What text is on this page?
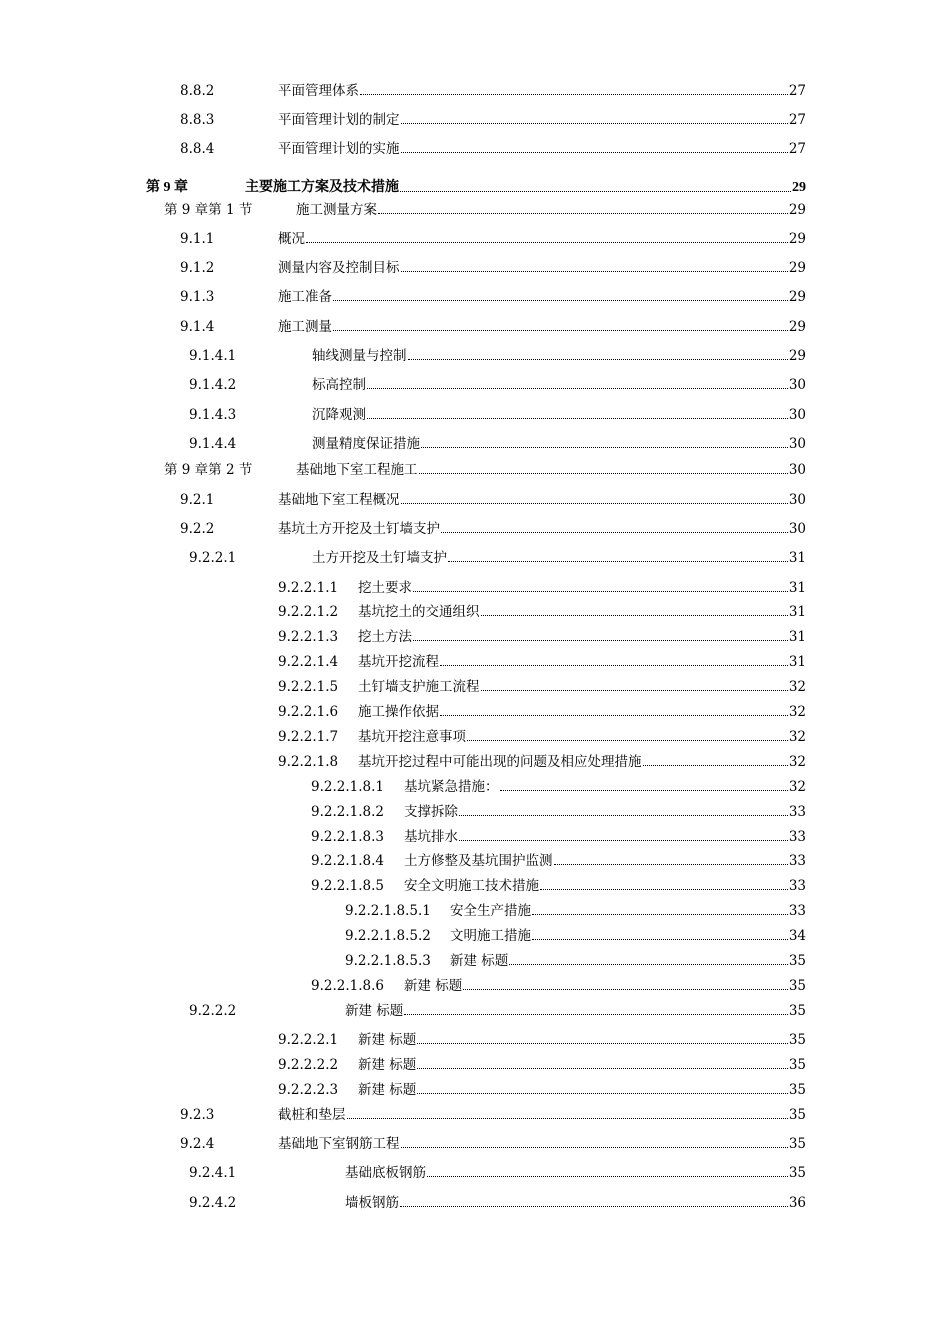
8.8.2	平面管理体系	27
8.8.3	平面管理计划的制定	27
8.8.4	平面管理计划的实施	27
第 9 章	主要施工方案及技术措施	29
第 9 章第 1 节	施工测量方案	29
9.1.1	概况	29
9.1.2	测量内容及控制目标	29
9.1.3	施工准备	29
9.1.4	施工测量	29
9.1.4.1	轴线测量与控制	29
9.1.4.2	标高控制	30
9.1.4.3	沉降观测	30
9.1.4.4	测量精度保证措施	30
第 9 章第 2 节	基础地下室工程施工	30
9.2.1	基础地下室工程概况	30
9.2.2	基坑土方开挖及土钉墙支护	30
9.2.2.1	土方开挖及土钉墙支护	31
9.2.2.1.1 挖土要求	31
9.2.2.1.2 基坑挖土的交通组织	31
9.2.2.1.3 挖土方法	31
9.2.2.1.4 基坑开挖流程	31
9.2.2.1.5 土钉墙支护施工流程	32
9.2.2.1.6 施工操作依据	32
9.2.2.1.7 基坑开挖注意事项	32
9.2.2.1.8 基坑开挖过程中可能出现的问题及相应处理措施	32
9.2.2.1.8.1 基坑紧急措施：	32
9.2.2.1.8.2 支撑拆除	33
9.2.2.1.8.3 基坑排水	33
9.2.2.1.8.4 土方修整及基坑围护监测	33
9.2.2.1.8.5 安全文明施工技术措施	33
9.2.2.1.8.5.1 安全生产措施	33
9.2.2.1.8.5.2 文明施工措施	34
9.2.2.1.8.5.3 新建 标题	35
9.2.2.1.8.6 新建 标题	35
9.2.2.2	新建 标题	35
9.2.2.2.1 新建 标题	35
9.2.2.2.2 新建 标题	35
9.2.2.2.3 新建 标题	35
9.2.3	截桩和垫层	35
9.2.4	基础地下室钢筋工程	35
9.2.4.1	基础底板钢筋	35
9.2.4.2	墙板钢筋	36
